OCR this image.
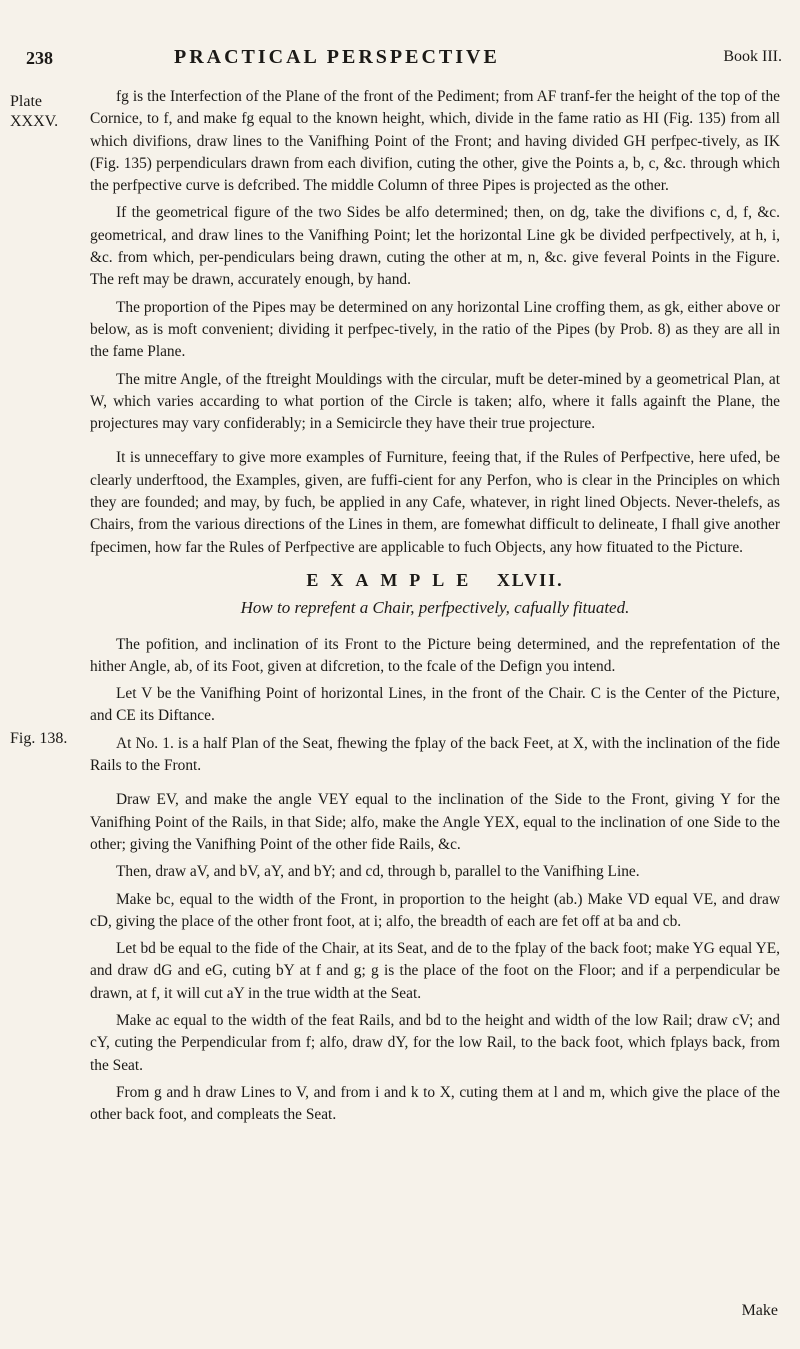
238	PRACTICAL PERSPECTIVE	Book III.
Plate XXXV.
Fig. 138.

fg is the Interfection of the Plane of the front of the Pediment; from AF tranf-fer the height of the top of the Cornice, to f, and make fg equal to the known height, which, divide in the fame ratio as HI (Fig. 135) from all which divifions, draw lines to the Vanifhing Point of the Front; and having divided GH perfpec-tively, as IK (Fig. 135) perpendiculars drawn from each divifion, cuting the other, give the Points a, b, c, &c. through which the perfpective curve is defcribed. The middle Column of three Pipes is projected as the other.

If the geometrical figure of the two Sides be alfo determined; then, on dg, take the divifions c, d, f, &c. geometrical, and draw lines to the Vanifhing Point; let the horizontal Line gk be divided perfpectively, at h, i, &c. from which, per-pendiculars being drawn, cuting the other at m, n, &c. give feveral Points in the Figure. The reft may be drawn, accurately enough, by hand.

The proportion of the Pipes may be determined on any horizontal Line croffing them, as gk, either above or below, as is moft convenient; dividing it perfpec-tively, in the ratio of the Pipes (by Prob. 8) as they are all in the fame Plane.

The mitre Angle, of the ftreight Mouldings with the circular, muft be deter-mined by a geometrical Plan, at W, which varies accarding to what portion of the Circle is taken; alfo, where it falls againft the Plane, the projectures may vary confiderably; in a Semicircle they have their true projecture.

It is unneceffary to give more examples of Furniture, feeing that, if the Rules of Perfpective, here ufed, be clearly underftood, the Examples, given, are fuffi-cient for any Perfon, who is clear in the Principles on which they are founded; and may, by fuch, be applied in any Cafe, whatever, in right lined Objects. Never-thelefs, as Chairs, from the various directions of the Lines in them, are fomewhat difficult to delineate, I fhall give another fpecimen, how far the Rules of Perfpective are applicable to fuch Objects, any how fituated to the Picture.

EXAMPLE XLVII.
How to reprefent a Chair, perfpectively, cafually fituated.

The pofition, and inclination of its Front to the Picture being determined, and the reprefentation of the hither Angle, ab, of its Foot, given at difcretion, to the fcale of the Defign you intend.

Let V be the Vanifhing Point of horizontal Lines, in the front of the Chair. C is the Center of the Picture, and CE its Diftance.

At No. 1. is a half Plan of the Seat, fhewing the fplay of the back Feet, at X, with the inclination of the fide Rails to the Front.

Draw EV, and make the angle VEY equal to the inclination of the Side to the Front, giving Y for the Vanifhing Point of the Rails, in that Side; alfo, make the Angle YEX, equal to the inclination of one Side to the other; giving the Vanifhing Point of the other fide Rails, &c.

Then, draw aV, and bV, aY, and bY; and cd, through b, parallel to the Vanifhing Line.

Make bc, equal to the width of the Front, in proportion to the height (ab.) Make VD equal VE, and draw cD, giving the place of the other front foot, at i; alfo, the breadth of each are fet off at ba and cb.

Let bd be equal to the fide of the Chair, at its Seat, and de to the fplay of the back foot; make YG equal YE, and draw dG and eG, cuting bY at f and g; g is the place of the foot on the Floor; and if a perpendicular be drawn, at f, it will cut aY in the true width at the Seat.

Make ac equal to the width of the feat Rails, and bd to the height and width of the low Rail; draw cV; and cY, cuting the Perpendicular from f; alfo, draw dY, for the low Rail, to the back foot, which fplays back, from the Seat.

From g and h draw Lines to V, and from i and k to X, cuting them at l and m, which give the place of the other back foot, and compleats the Seat.

Make
